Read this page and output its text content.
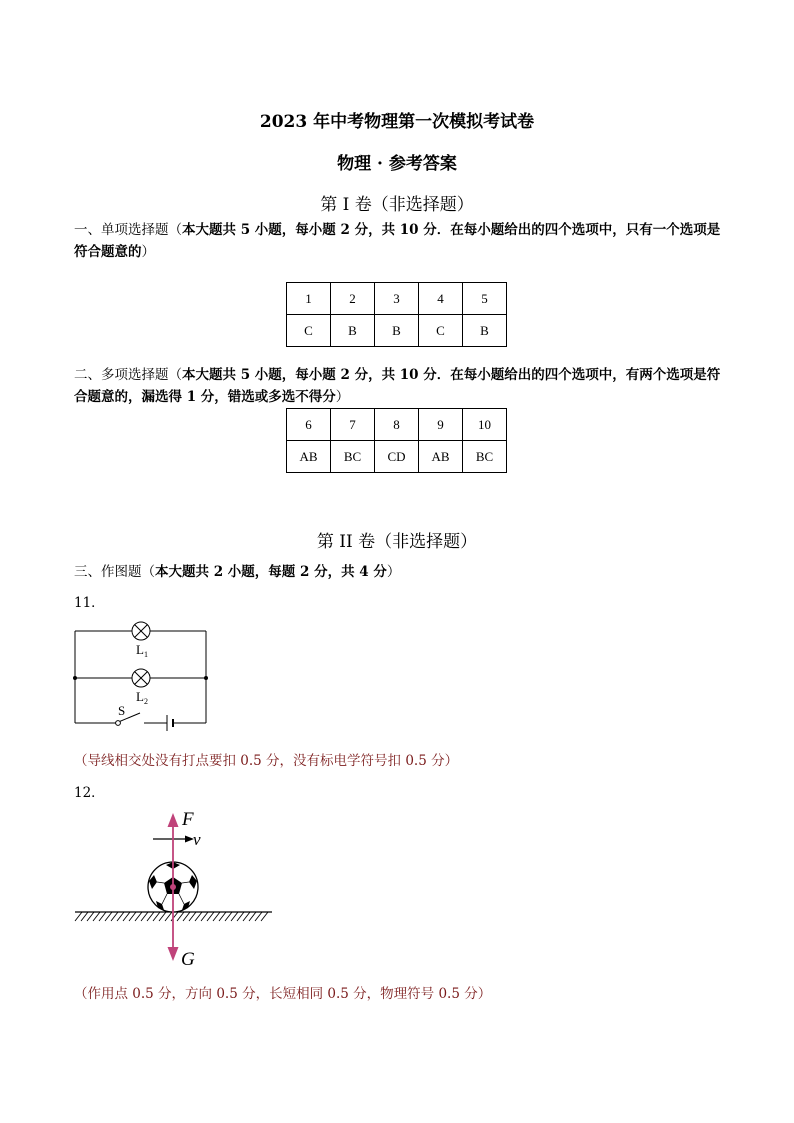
2023 年中考物理第一次模拟考试卷
物理 · 参考答案
第 I 卷（非选择题）
一、单项选择题（本大题共 5 小题，每小题 2 分，共 10 分．在每小题给出的四个选项中，只有一个选项是符合题意的）
1	2	3	4	5
C	B	B	C	B
二、多项选择题（本大题共 5 小题，每小题 2 分，共 10 分．在每小题给出的四个选项中，有两个选项是符合题意的，漏选得 1 分，错选或多选不得分）
6	7	8	9	10
AB	BC	CD	AB	BC
第 II 卷（非选择题）
三、作图题（本大题共 2 小题，每题 2 分，共 4 分）
11．
$L_1$
$L_2$
S
（导线相交处没有打点要扣 0.5 分，没有标电学符号扣 0.5 分）
12．
F
v
G
（作用点 0.5 分，方向 0.5 分，长短相同 0.5 分，物理符号 0.5 分）
